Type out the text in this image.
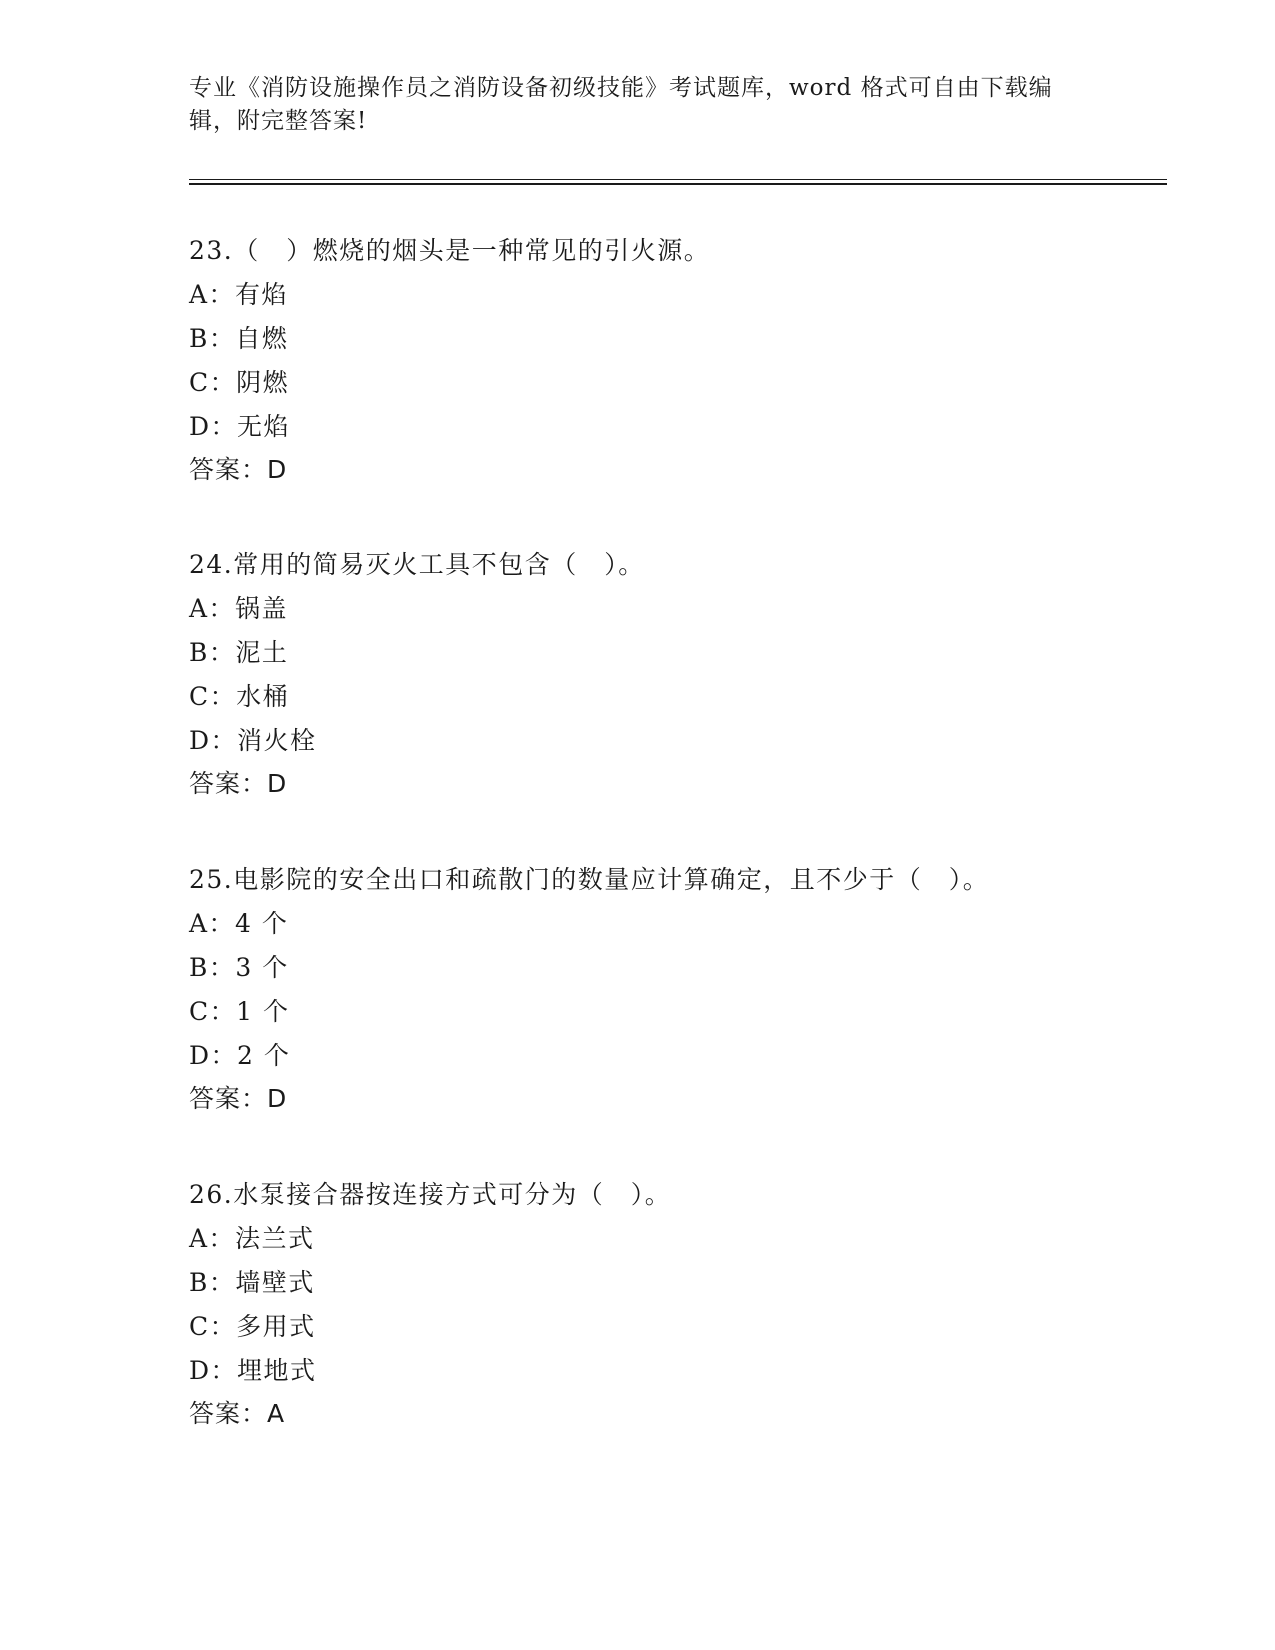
专业《消防设施操作员之消防设备初级技能》考试题库，word 格式可自由下载编
辑，附完整答案!
23.（　）燃烧的烟头是一种常见的引火源。
A：有焰
B：自燃
C：阴燃
D：无焰
答案：D
24.常用的简易灭火工具不包含（　）。
A：锅盖
B：泥土
C：水桶
D：消火栓
答案：D
25.电影院的安全出口和疏散门的数量应计算确定，且不少于（　）。
A：4 个
B：3 个
C：1 个
D：2 个
答案：D
26.水泵接合器按连接方式可分为（　）。
A：法兰式
B：墙壁式
C：多用式
D：埋地式
答案：A
